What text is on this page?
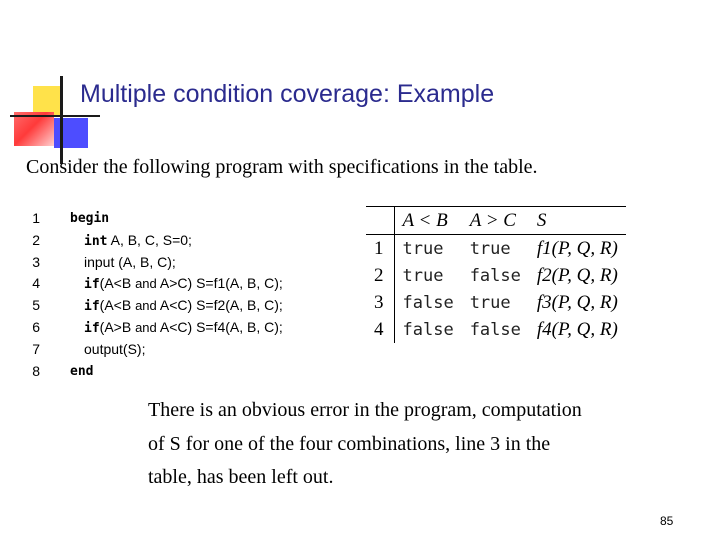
Multiple condition coverage: Example
Consider the following program with specifications in the table.
1 begin
2	int A, B, C, S=0;
3	input (A, B, C);
4	if(A<B and A>C) S=f1(A, B, C);
5	if(A<B and A<C) S=f2(A, B, C);
6	if(A>B and A<C) S=f4(A, B, C);
7	output(S);
8 end
	A < B	A > C	S
1	true	true	f1(P, Q, R)
2	true	false	f2(P, Q, R)
3	false	true	f3(P, Q, R)
4	false	false	f4(P, Q, R)
There is an obvious error in the program, computation
of S for one of the four combinations, line 3 in the
table, has been left out.
85
